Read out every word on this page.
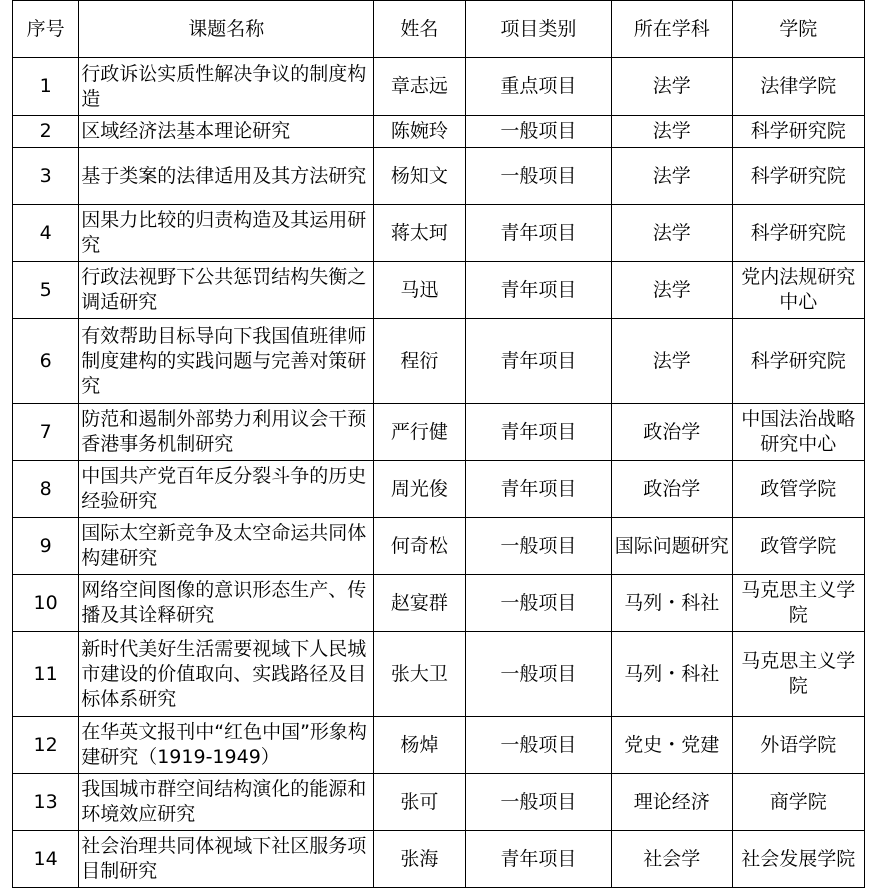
序号	课题名称	姓名	项目类别	所在学科	学院
1	行政诉讼实质性解决争议的制度构造	章志远	重点项目	法学	法律学院
2	区域经济法基本理论研究	陈婉玲	一般项目	法学	科学研究院
3	基于类案的法律适用及其方法研究	杨知文	一般项目	法学	科学研究院
4	因果力比较的归责构造及其运用研究	蒋太珂	青年项目	法学	科学研究院
5	行政法视野下公共惩罚结构失衡之调适研究	马迅	青年项目	法学	党内法规研究中心
6	有效帮助目标导向下我国值班律师制度建构的实践问题与完善对策研究	程衍	青年项目	法学	科学研究院
7	防范和遏制外部势力利用议会干预香港事务机制研究	严行健	青年项目	政治学	中国法治战略研究中心
8	中国共产党百年反分裂斗争的历史经验研究	周光俊	青年项目	政治学	政管学院
9	国际太空新竞争及太空命运共同体构建研究	何奇松	一般项目	国际问题研究	政管学院
10	网络空间图像的意识形态生产、传播及其诠释研究	赵宴群	一般项目	马列・科社	马克思主义学院
11	新时代美好生活需要视域下人民城市建设的价值取向、实践路径及目标体系研究	张大卫	一般项目	马列・科社	马克思主义学院
12	在华英文报刊中“红色中国”形象构建研究（1919-1949）	杨焯	一般项目	党史・党建	外语学院
13	我国城市群空间结构演化的能源和环境效应研究	张可	一般项目	理论经济	商学院
14	社会治理共同体视域下社区服务项目制研究	张海	青年项目	社会学	社会发展学院
